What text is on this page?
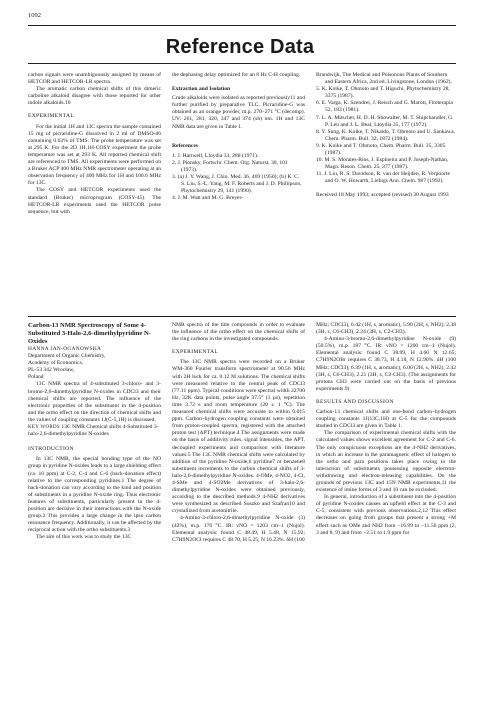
1092
Reference Data

carbon signals were unambiguously assigned by means of HETCOR and HETCOR-LR spectra.

The aromatic carbon chemical shifts of this dimeric carboline alkaloid disagree with those reported for other indole alkaloids.10

EXPERIMENTAL

For the initial 1H and 13C spectra the sample contained 15 mg of picraridine-G dissolved in 2 ml of DMSO-d6 containing 0.03% of TMS. The probe temperature was set at 295 K. For the 2D 1H,1H-COSY experiment the probe temperature was set at 293 K. All reported chemical shift are referenced to TMS. All experiments were performed on a Bruker ACP 400 MHz NMR spectrometer operating at an observation frequency of 400 MHz for 1H and 100.6 MHz for 13C.

The COSY and HETCOR experiments used the standard (Bruker) microprogram (COSY-45). The HETCOR-LR experiments used the HETCOR pulse sequence, but with

the dephasing delay optimized for an 8 Hz C-H coupling.

Extraction and Isolation

Crude alkaloids were isolated as reported previously11 and further purified by preparative TLC. Picraridine-G was obtained as an orange powder, m.p. 270–271 °C (decomp). UV: 261, 281, 320, 347 and 374 (sh) nm. 1H and 13C NMR data are given in Table 1.

References

1. J. Hartwell, Lloydia 33, 288 (1971).

2. J. Pionsky, Fortschr. Chem. Org. Naturst. 30, 101 (1973).

3. (a) J. Y. Wang, J. Chin. Med. 36, 469 (1950); (b) K. C. S. Liu, S.-L. Yang, M. F. Roberts and J. D. Phillipson, Phytochemistry 29, 141 (1990).

4. J. M. Watt and M. G. Breyer-

Brandwijk, The Medical and Poisonous Plants of Southern and Eastern Africa, 2nd ed. Livingstone, London (1962).

5. K. Koike, T. Ohmoto and T. Higuchi, Phytochemistry 28, 3375 (1987).

6. E. Varga, K. Szendrei, J. Reisch and G. Maroti, Fitoterapia 52, 183 (1981).

7. L. A. Mitscher, H. D. H. Showalter, M. T. Shipchandler, G. P. Leu and J. L. Beal, Lloydia 35, 177 (1972).

8. Y. Sung, K. Koike, T. Nikaido, T. Ohmoto and U. Sankawa, Chem. Pharm. Bull. 32, 1872 (1984).

9. K. Koike and T. Ohmoto, Chem. Pharm. Bull. 35, 3305 (1987).

10. M. S. Morales-Rios, J. Espineira and P. Joseph-Nathan, Magn. Reson. Chem. 25, 377 (1987).

11. J. Liu, R. S. Davidson, R. van der Heijden, R. Verpoorte and O. W. Howarth, Liebigs Ann. Chem. 987 (1992).

Received 18 May 1993; accepted (revised) 30 August 1993

Carbon-13 NMR Spectroscopy of Some 4-Substituted 3-Halo-2,6-dimethylpyridine N-Oxides

HANNA JAN-OGANOWSKA

Department of Organic Chemistry,

Academy of Economics,

PL-53 342 Wrocław,

Poland

13C NMR spectra of 4-substituted 3-chloro- and 3-bromo-2,6-dimethylpyridine N-oxides in CDCl3 and their chemical shifts are reported. The influence of the electronic properties of the substituent in the 4-position and the ortho effect on the direction of chemical shifts and the values of coupling constants 1J(C-5,1H) is discussed.

KEY WORDS 13C NMR Chemical shifts 4-Substituted 3-halo-2,6-dimethylpyridine N-oxides

INTRODUCTION

In 13C NMR, the special bonding type of the NO group in pyridine N-oxides leads to a large shielding effect (ca. 10 ppm) at C-2, C-4 and C-6 (back-donation effect) relative to the corresponding pyridines.1 The degree of back-donation can vary according to the kind and position of substituents in a pyridine N-oxide ring. Thus electronic features of substituents, particularly present in the 4-position are decisive in their interactions with the N-oxide group.2 This provides a large change in the ipso carbon resonance frequency. Additionally, it can be affected by the reciprocal action with the ortho substituents.3

The aim of this work was to study the 13C

NMR spectra of the title compounds in order to evaluate the influence of the ortho effect on the chemical shifts of the ring carbons in the investigated compounds.

EXPERIMENTAL

The 13C NMR spectra were recorded on a Bruker WM-360 Fourier transform spectrometer at 90.56 MHz with 2H lock for ca. 0.12 M solutions. The chemical shifts were measured relative to the central peak of CDCl3 (77.11 ppm). Typical conditions were spectral width 22700 Hz, 32K data points, pulse angle 37.5° (1 µs), repetition time 3.72 s and room temperature (20 ± 1 °C). The measured chemical shifts were accurate to within 0.015 ppm. Carbon–hydrogen coupling constants were obtained from proton-coupled spectra, registered with the attached proton test (APT) technique.4 The assignments were made on the basis of additivity rules, signal intensities, the APT, decoupled experiments and comparison with literature values.5 The 13C NMR chemical shifts were calculated by addition of the pyridine N-oxide,6 pyridine7 or benzene8 substituent increments to the carbon chemical shifts of 3-halo-2,6-dimethylpyridine N-oxides. 4-OMe, 4-NO2, 4-Cl, 4-SMe and 4-SO2Me derivatives of 3-halo-2,6-dimethylpyridine N-oxides were obtained previously, according to the described methods.9 4-NH2 derivatives were synthesized as described Suszko and Szafran10 and crystallized from acetonitrile.

4-Amino-3-chloro-2,6-dimethylpyridine N-oxide (3) (42%), m.p. 176 °C. IR: νNO = 1203 cm−1 (Nujol). Elemental analysis: found C 48.49, H 5.48, N 15.92; C7H9N2OCl requires C 48.70, H 5.25, N 16.23%. δH (100

MHz; CDCl3), 6.42 (1H, s, aromatic), 5.90 (2H, s, NH2), 2.38 (3H, s, C6-CH3), 2.24 (3H, s, C2-CH3).

4-Amino-3-bromo-2,6-dimethylpyridine N-oxide (9) (50.5%), m.p. 187 °C. IR: νNO = 1200 cm−1 (Nujol). Elemental analysis: found C 38.99, H 4.60 N 12.65; C7H9N2OBr requires C 38.73, H 4.18, N 12.90%. δH (100 MHz; CDCl3), 6.39 (1H, s, aromatic), 6.00 (2H, s, NH2), 2.42 (3H, s, C6-CH3), 2.21 (3H, s, C2-CH3). (The assignments for protons CH3 were carried out on the basis of previous experiments.9)

RESULTS AND DISCUSSION

Carbon-13 chemical shifts and one-bond carbon–hydrogen coupling constants 1J(13C,1H) at C-5 for the compounds studied in CDCl3 are given in Table 1.

The comparison of experimental chemical shifts with the calculated values shows excellent agreement for C-2 and C-6. The only conspicuous exceptions are the 4-NH2 derivatives, in which an increase in the paramagnetic effect of halogen to the ortho and para positions takes place owing to the interaction of substituents possessing opposite electron-withdrawing and electron-releasing capabilities. On the grounds of previous 13C and 15N NMR experiments,11 the existence of imine forms of 3 and 10 can be excluded.

In general, introduction of a substituent into the 4-position of pyridine N-oxides causes an upfield effect at the C-3 and C-5, consistent with previous observations.2,12 This effect decreases on going from groups that present a strong +M effect such as OMe and NH2 from −16.99 to −11.56 ppm (2, 3 and 8, 9) and from −2.51 to 1.9 ppm for
